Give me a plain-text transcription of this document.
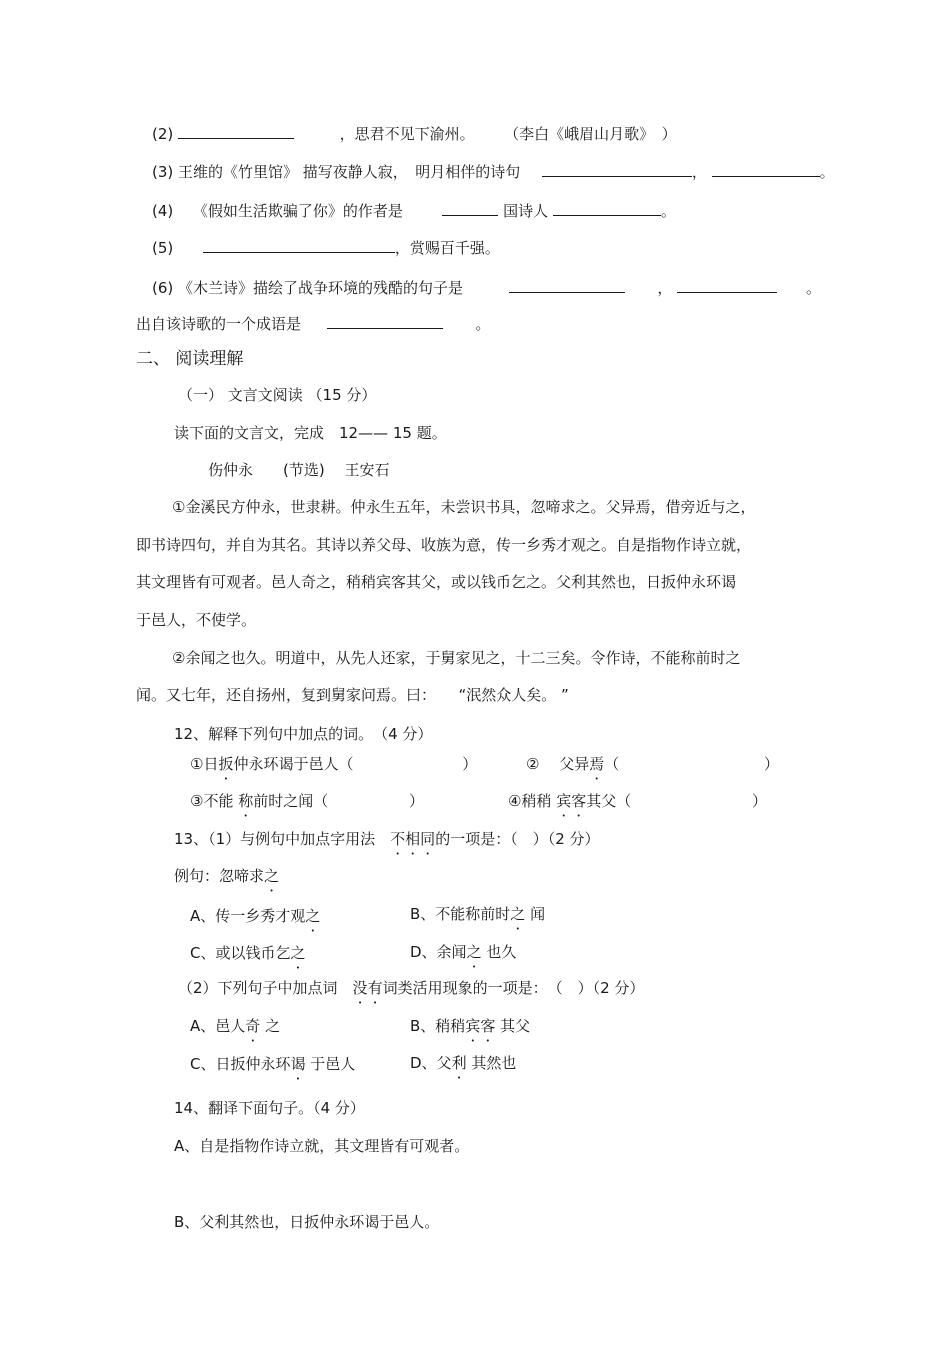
(2)	，思君不见下渝州。 （李白《峨眉山月歌》　）
(3) 王维的《竹里馆》 描写夜静人寂，　明月相伴的诗句	，	。
(4) 《假如生活欺骗了你》的作者是	国诗人	。
(5)	，赏赐百千强。
(6) 《木兰诗》描绘了战争环境的残酷的句子是	，	。
出自该诗歌的一个成语是	。
二、 阅读理解
（一） 文言文阅读 （15 分）
读下面的文言文，完成　12—— 15 题。
伤仲永　　(节选)　 王安石
①金溪民方仲永，世隶耕。仲永生五年，未尝识书具，忽啼求之。父异焉，借旁近与之，
即书诗四句，并自为其名。其诗以养父母、收族为意，传一乡秀才观之。自是指物作诗立就，
其文理皆有可观者。邑人奇之，稍稍宾客其父，或以钱币乞之。父利其然也，日扳仲永环谒
于邑人，不使学。
②余闻之也久。明道中，从先人还家，于舅家见之，十二三矣。令作诗，不能称前时之
闻。又七年，还自扬州，复到舅家问焉。曰：　　“泯然众人矣。 ”
12、解释下列句中加点的词。　（4 分）
①日扳仲永环谒于邑人（	）	②　 父异焉（	）
③不能 称前时之闻（	）	④稍稍 宾客其父（	）
13、（1）与例句中加点字用法　不相同的一项是：（　）（2 分）
例句：忽啼求之
A、传一乡秀才观之	B、不能称前时之 闻
C、或以钱币乞之	D、余闻之 也久
（2）下列句子中加点词　没有词类活用现象的一项是：　（　）（2 分）
A、邑人奇 之	B、稍稍宾客 其父
C、日扳仲永环谒 于邑人	D、父利 其然也
14、翻译下面句子。（4 分）
A、自是指物作诗立就，其文理皆有可观者。
B、父利其然也，日扳仲永环谒于邑人。
